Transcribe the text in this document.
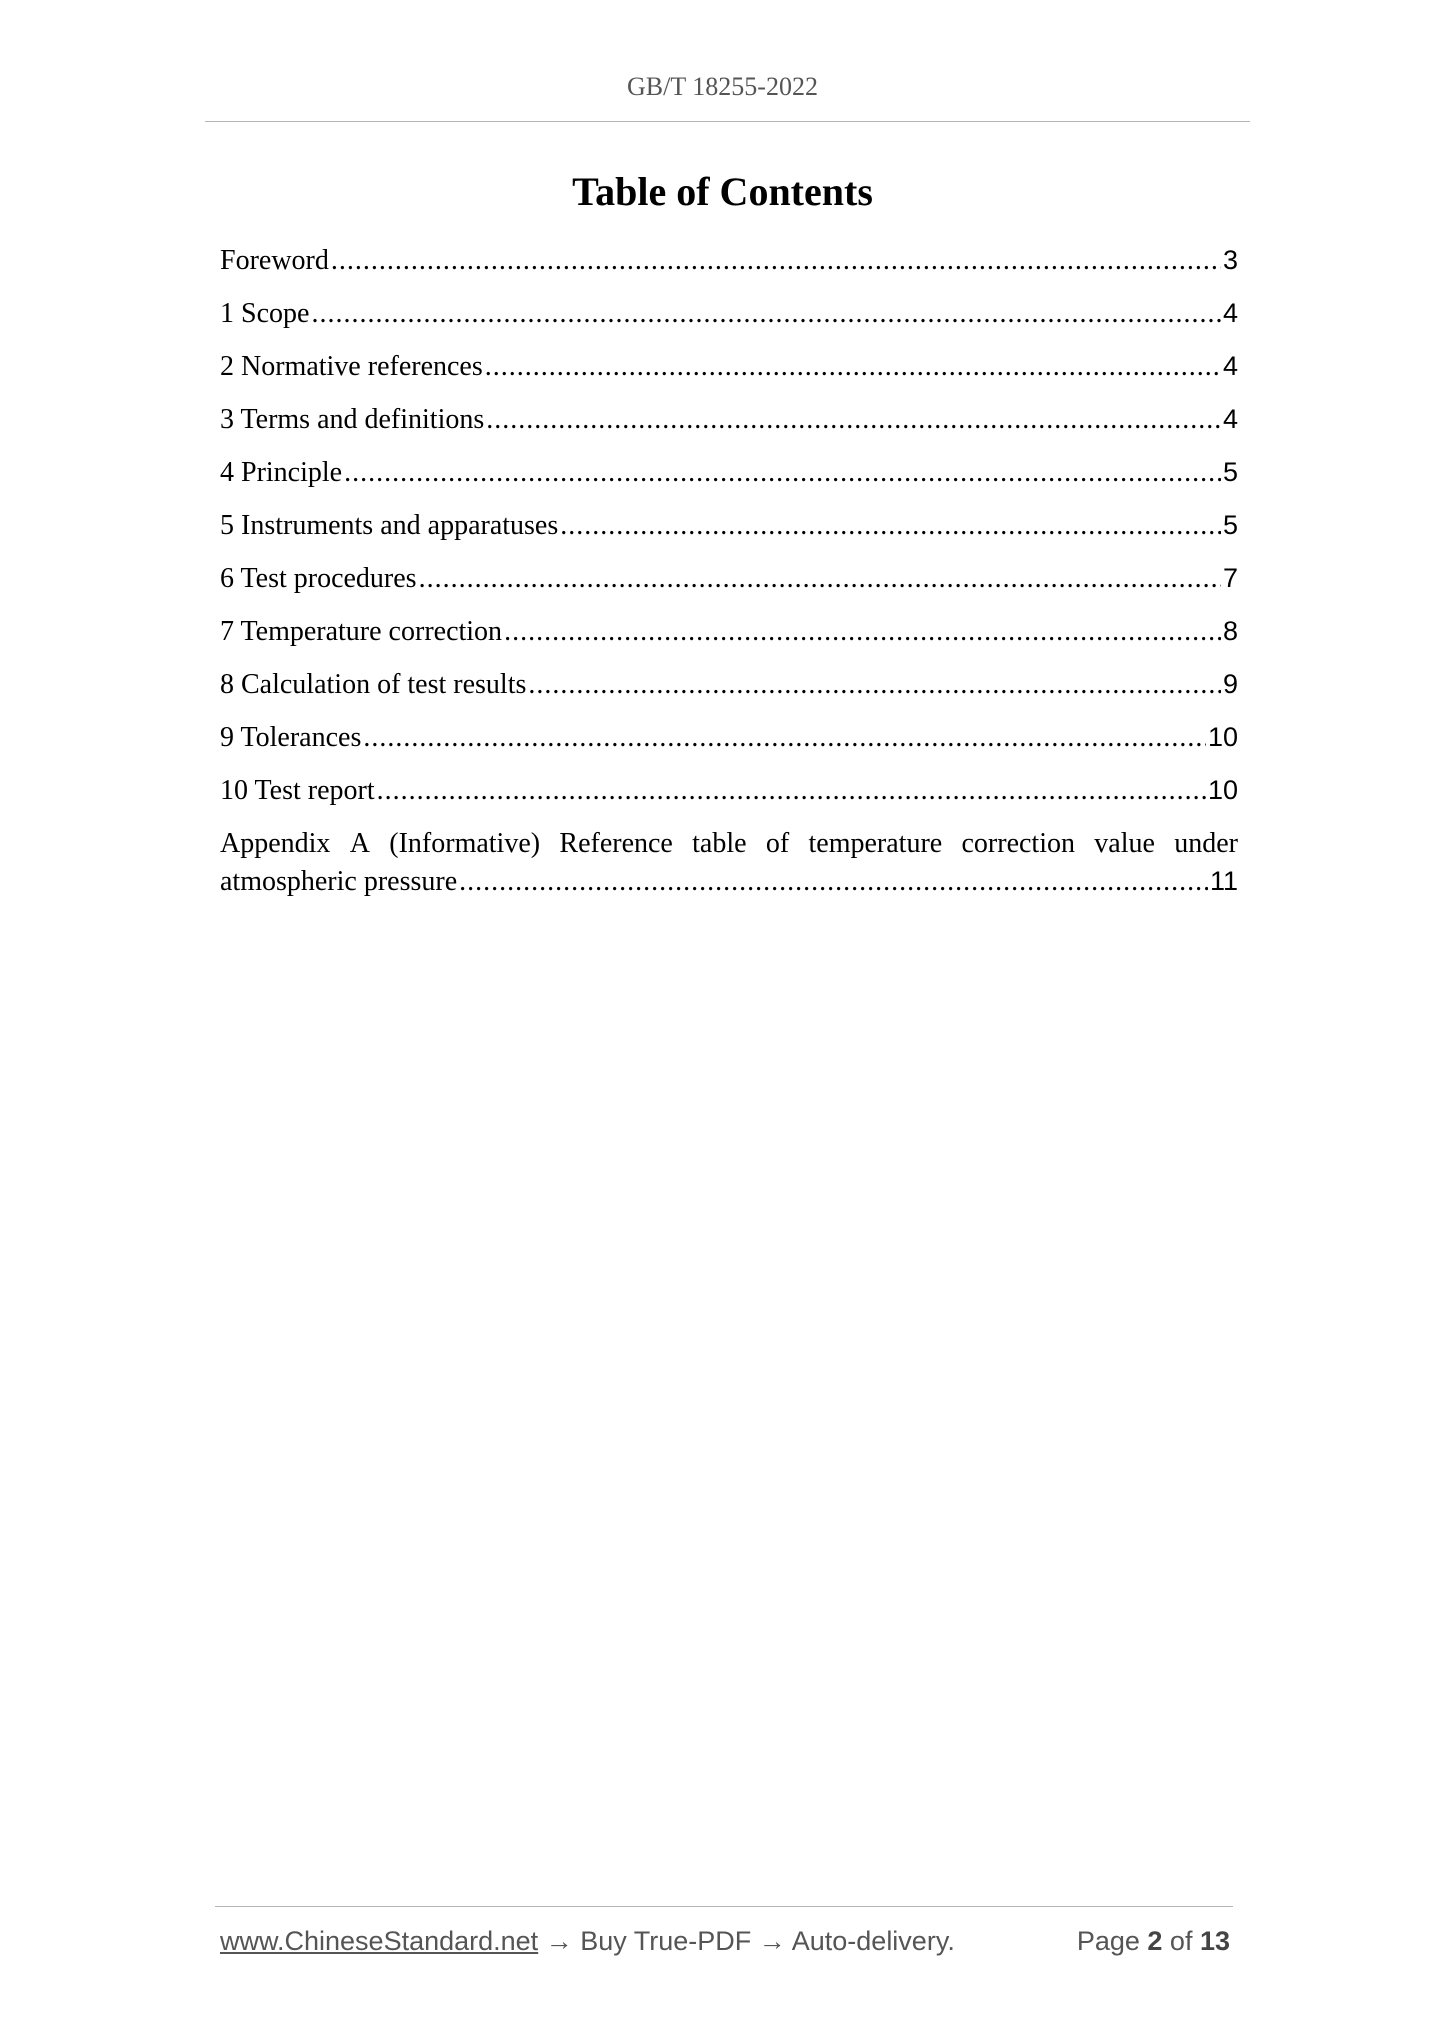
GB/T 18255-2022
Table of Contents
Foreword .....	3
1 Scope .....	4
2 Normative references .....	4
3 Terms and definitions .....	4
4 Principle .....	5
5 Instruments and apparatuses .....	5
6 Test procedures .....	7
7 Temperature correction .....	8
8 Calculation of test results .....	9
9 Tolerances .....	10
10 Test report .....	10
Appendix A (Informative) Reference table of temperature correction value under
atmospheric pressure .....	11
www.ChineseStandard.net → Buy True-PDF → Auto-delivery.	Page 2 of 13
